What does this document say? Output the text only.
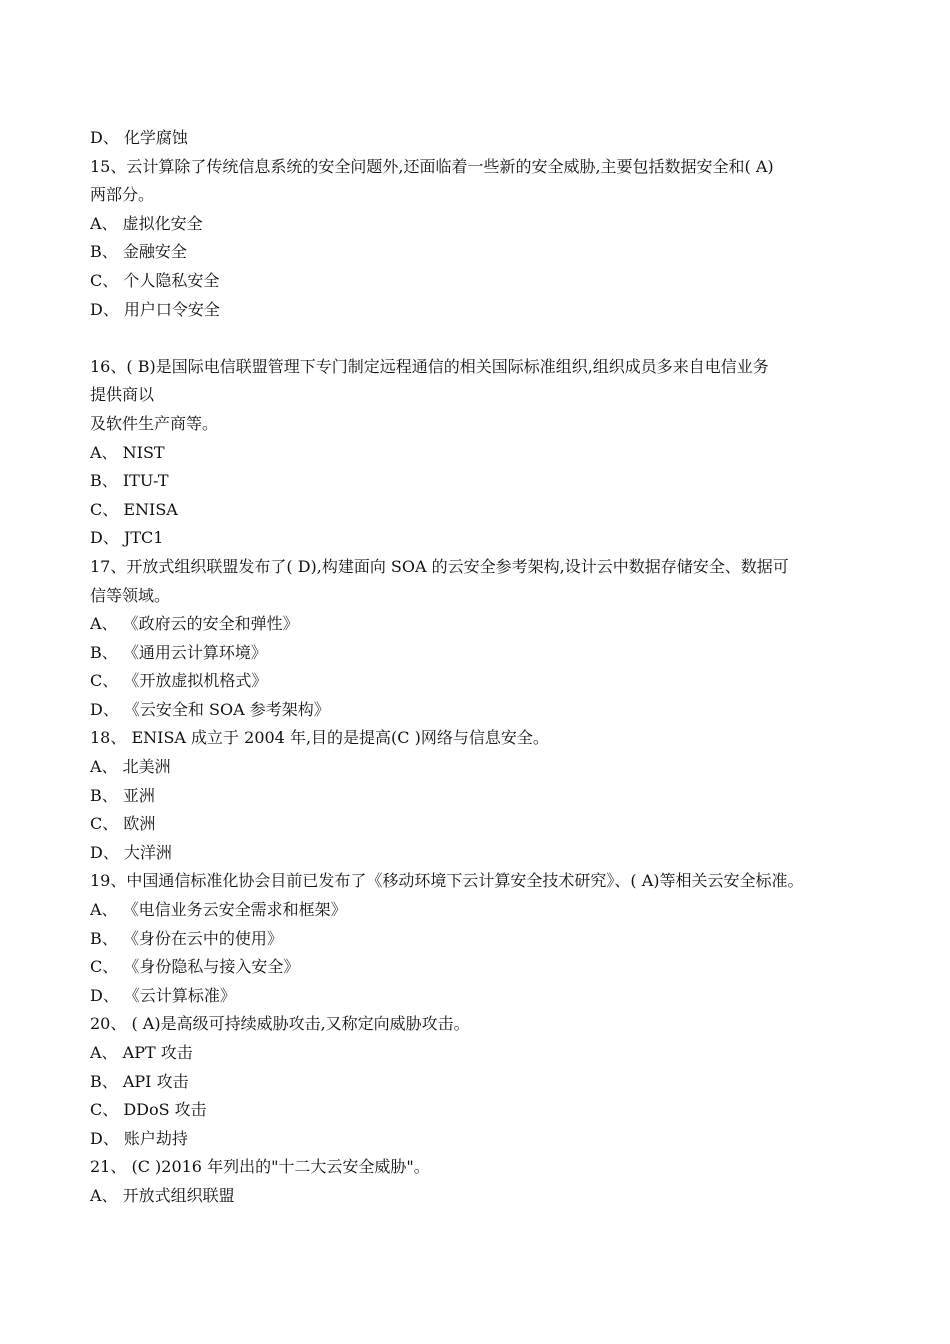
D、 化学腐蚀
15、云计算除了传统信息系统的安全问题外,还面临着一些新的安全威胁,主要包括数据安全和( A)
两部分。
A、 虚拟化安全
B、 金融安全
C、 个人隐私安全
D、 用户口令安全
16、( B)是国际电信联盟管理下专门制定远程通信的相关国际标准组织,组织成员多来自电信业务
提供商以
及软件生产商等。
A、 NIST
B、 ITU-T
C、 ENISA
D、 JTC1
17、开放式组织联盟发布了( D),构建面向 SOA 的云安全参考架构,设计云中数据存储安全、数据可
信等领域。
A、 《政府云的安全和弹性》
B、 《通用云计算环境》
C、 《开放虚拟机格式》
D、 《云安全和 SOA 参考架构》
18、 ENISA 成立于 2004 年,目的是提高(C )网络与信息安全。
A、 北美洲
B、 亚洲
C、 欧洲
D、 大洋洲
19、中国通信标准化协会目前已发布了《移动环境下云计算安全技术研究》、( A)等相关云安全标准。
A、 《电信业务云安全需求和框架》
B、 《身份在云中的使用》
C、 《身份隐私与接入安全》
D、 《云计算标准》
20、 ( A)是高级可持续威胁攻击,又称定向威胁攻击。
A、 APT 攻击
B、 API 攻击
C、 DDoS 攻击
D、 账户劫持
21、 (C )2016 年列出的"十二大云安全威胁"。
A、 开放式组织联盟
